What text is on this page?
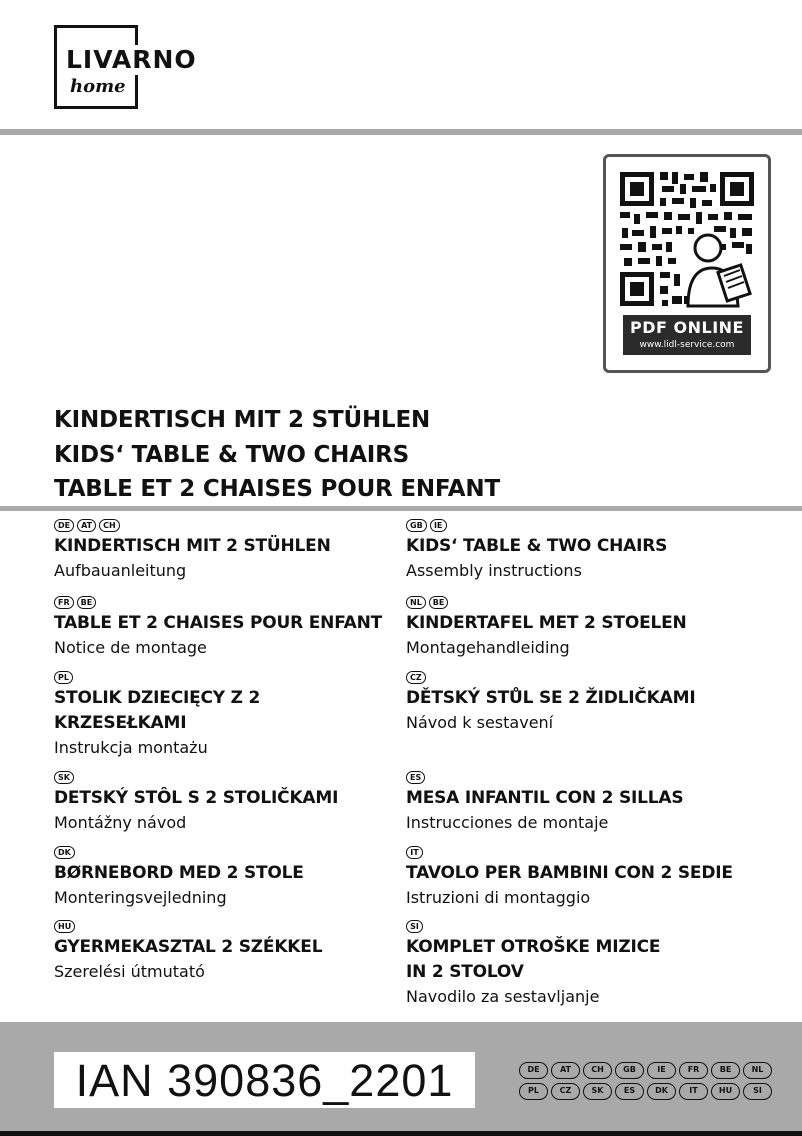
LIVARNO
home
PDF ONLINE
www.lidl-service.com
KINDERTISCH MIT 2 STÜHLEN
KIDS‘ TABLE & TWO CHAIRS
TABLE ET 2 CHAISES POUR ENFANT
DE	AT	CH
KINDERTISCH MIT 2 STÜHLEN
Aufbauanleitung
FR	BE
TABLE ET 2 CHAISES POUR ENFANT
Notice de montage
PL
STOLIK DZIECIĘCY Z 2
KRZESEŁKAMI
Instrukcja montażu
SK
DETSKÝ STÔL S 2 STOLIČKAMI
Montážny návod
DK
BØRNEBORD MED 2 STOLE
Monteringsvejledning
HU
GYERMEKASZTAL 2 SZÉKKEL
Szerelési útmutató
GB	IE
KIDS‘ TABLE & TWO CHAIRS
Assembly instructions
NL	BE
KINDERTAFEL MET 2 STOELEN
Montagehandleiding
CZ
DĚTSKÝ STŮL SE 2 ŽIDLIČKAMI
Návod k sestavení
ES
MESA INFANTIL CON 2 SILLAS
Instrucciones de montaje
IT
TAVOLO PER BAMBINI CON 2 SEDIE
Istruzioni di montaggio
SI
KOMPLET OTROŠKE MIZICE
IN 2 STOLOV
Navodilo za sestavljanje
IAN 390836_2201	DE	AT	CH	GB	IE	FR	BE	NL
PL	CZ	SK	ES	DK	IT	HU	SI
